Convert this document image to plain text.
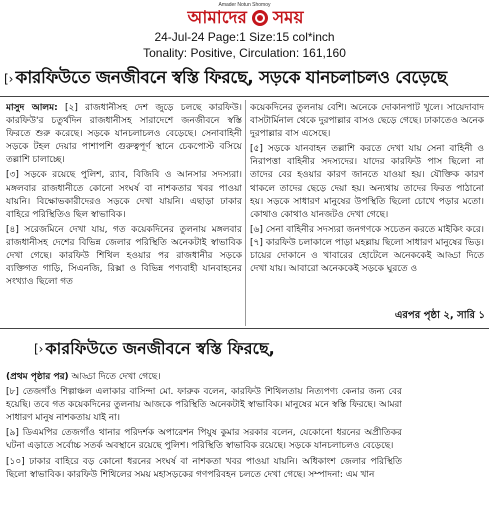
Amader Notun Shomoy
আমাদের সময়
24-Jul-24 Page:1 Size:15 col*inch
Tonality: Positive, Circulation: 161,160
[› কারফিউতে জনজীবনে স্বস্তি ফিরছে, সড়কে যানচলাচলও বেড়েছে

মাসুদ আলম: [২] রাজধানীসহ দেশ জুড়ে চলছে কারফিউ। কারফিউ'র চতুর্থদিন রাজধানীসহ সারাদেশে জনজীবনে স্বস্তি ফিরতে শুরু করেছে। সড়কে যানচলাচলও বেড়েছে। সেনাবাহিনী সড়কে টহল দেয়ার পাশাপশি গুরুত্বপূর্ণ স্থানে চেকপোস্ট বসিয়ে তল্লাশি চালাচ্ছে।

[৩] সড়কে রয়েছে পুলিশ, র‍্যাব, বিজিবি ও আনসার সদস্যরা। মঙ্গলবার রাজধানীতে কোনো সংঘর্ষ বা নাশকতার খবর পাওয়া যায়নি। বিক্ষোভকারীদেরও সড়কে দেখা যায়নি। এছাড়া ঢাকার বাহিরে পরিস্থিতিও ছিল স্বাভাবিক।

[৪] সরেজমিনে দেখা যায়, গত কয়েকদিনের তুলনায় মঙ্গলবার রাজধানীসহ দেশের বিভিন্ন জেলার পরিস্থিতি অনেকটাই স্বাভাবিক দেখা গেছে। কারফিউ শিথিল হওয়ার পর রাজধানীর সড়কে ব্যক্তিগত গাড়ি, সিএনজি, রিক্সা ও বিভিন্ন পণ্যবাহী যানবাহনের সংখ্যাও ছিলো গত

কয়েকদিনের তুলনায় বেশি। অনেকে দোকানপাট খুলে। সায়েদাবাদ বাসটার্মিনাল থেকে দুরপাল্লার বাসও ছেড়ে গেছে। ঢাকাতেও অনেক দুরপাল্লার বাস এসেছে।

[৫] সড়কে যানবাহন তল্লাশি করতে দেখা যায় সেনা বাহিনী ও নিরাপত্তা বাহিনীর সদস্যদের। যাদের কারফিউ পাস ছিলো না তাদের বের হওয়ার কারণ জানতে যাওয়া হয়। যৌক্তিক কারণ থাকলে তাদের ছেড়ে দেয়া হয়। অন্যথায় তাদের ফিরত পাঠানো হয়। সড়কে সাধারণ মানুষের উপস্থিতি ছিলো চোখে পড়ার মতো। কোথাও কোথাও যানজটও দেখা গেছে।

[৬] সেনা বাহিনীর সদস্যরা জনগণকে সচেতন করতে মাইকিং করে। [৭] কারফিউ চলাকালে পাড়া মহল্লায় ছিলো সাধারণ মানুষের ভিড়। চায়ের দোকানে ও খাবারের হোটেলে অনেককেই আড্ডা দিতে দেখা যায়। আবারো অনেককেই সড়কে ঘুরতে ও

এরপর পৃষ্ঠা ২, সারি ১
[› কারফিউতে জনজীবনে স্বস্তি ফিরছে,

(প্রথম পৃষ্ঠার পর) আড্ডা দিতে দেখা গেছে।

[৮] তেজগাঁও শিল্পাঞ্চল এলাকার বাসিন্দা মো. ফারুক বলেন, কারফিউ শিথিলতায় নিত্যপণ্য কেনার জন্য বের হয়েছি। তবে গত কয়েকদিনের তুলনায় আজকে পরিস্থিতি অনেকটাই স্বাভাবিক। মানুষের মনে স্বস্তি ফিরছে। আমরা সাধারণ মানুষ নাশকতায় যাই না।

[৯] ডিএমপির তেজগাঁও থানার পরিদর্শক অপারেশন পিযুষ কুমার সরকার বলেন, যেকোনো ধরনের অপ্রীতিকর ঘটনা এড়াতে সর্বোচ্চ সতর্ক অবস্থানে রয়েছে পুলিশ। পরিস্থিতি স্বাভাবিক রয়েছে। সড়কে যানচলাচলও বেড়েছে।

[১০] ঢাকার বাহিরে বড় কোনো ধরনের সংঘর্ষ বা নাশকতা খবর পাওয়া যায়নি। অধিকাংশ জেলার পরিস্থিতি ছিলো স্বাভাবিক। কারফিউ শিথিলের সময় মহাসড়কের গণপরিবহন চলতে দেখা গেছে। সম্পাদনা: এম খান
